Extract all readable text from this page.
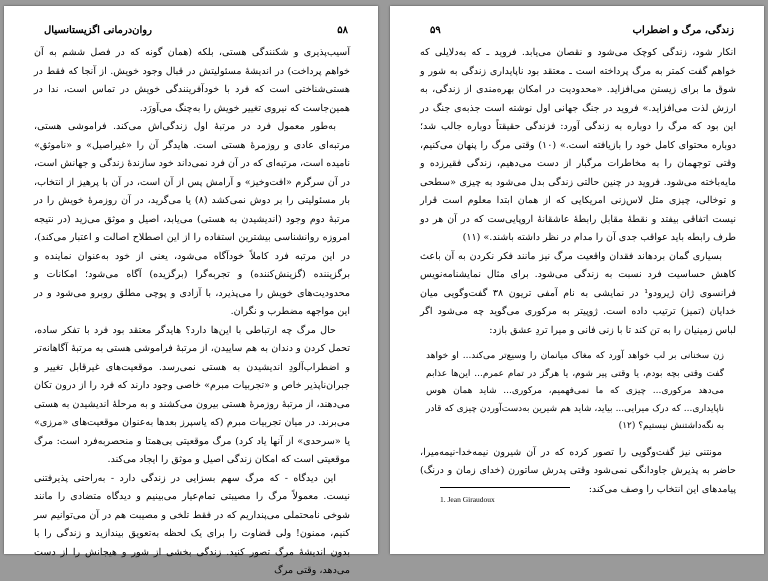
روان‌درمانی اگزیستانسیال	۵۸

آسیب‌پذیری و شکنندگی هستی، بلکه (همان گونه که در فصل ششم به آن خواهم پرداخت) در اندیشهٔ مسئولیتش در قبال وجود خویش. از آنجا که فقط در هستی‌شناختی است که فرد با خودآفرینندگی خویش در تماس است، ندا در همین‌جاست که نیروی تغییر خویش را به‌چنگ می‌آورَد.

به‌طور معمول فرد در مرتبهٔ اول زندگی‌اش می‌کند. فراموشی هستی، مرتبه‌ای عادی و روزمرهٔ هستی است. هایدگر آن را «غیراصیل» و «ناموثق» نامیده است، مرتبه‌ای که در آن فرد نمی‌داند خود سازندهٔ زندگی و جهانش است، در آن سرگرم «افت‌وخیز» و آرامش پس از آن است، در آن با پرهیز از انتخاب، بار مسئولیتی را بر دوش نمی‌کشد (۸) یا می‌گرید، در آن روزمرهٔ خویش را در مرتبهٔ دوم وجود (اندیشیدن به هستی) می‌یابد، اصیل و موثق می‌زید (در نتیجه امروزه روانشناسی بیشترین استفاده را از این اصطلاح اصالت و اعتبار می‌کند)، در این مرتبه فرد کاملاً خودآگاه می‌شود، یعنی از خود به‌عنوان نماینده و برگزیننده (گزینش‌کننده) و تجربه‌گرا (برگزیده) آگاه می‌شود؛ امکانات و محدودیت‌های خویش را می‌پذیرد، با آزادی و پوچی مطلق روبرو می‌شود و در این مواجهه مضطرب و نگران.

حال مرگ چه ارتباطی با این‌ها دارد؟ هایدگر معتقد بود فرد با تفکر ساده، تحمل کردن و دندان به هم ساییدن، از مرتبهٔ فراموشی هستی به مرتبهٔ آگاهانه‌تر و اضطراب‌آلودِ اندیشیدن به هستی نمی‌رسد. موقعیت‌های غیرقابل تغییر و جبران‌ناپذیر خاص و «تجربیات مبرم» خاصی وجود دارند که فرد را از درون تکان می‌دهند، از مرتبهٔ روزمرهٔ هستی بیرون می‌کشند و به مرحلهٔ اندیشیدن به هستی می‌برند. در میان تجربیات مبرم (که یاسپرز بعدها به‌عنوان موقعیت‌های «مرزی» یا «سرحدی» از آنها یاد کرد) مرگ موقعیتی بی‌همتا و منحصربه‌فرد است: مرگ موقعیتی است که امکان زندگی اصیل و موثق را ایجاد می‌کند.

این دیدگاه - که مرگ سهم بسزایی در زندگی دارد - به‌راحتی پذیرفتنی نیست. معمولاً مرگ را مصیبتی تمام‌عیار می‌بینیم و دیدگاه متضادی را مانند شوخی نامحتملی می‌پنداریم که در فقط تلخی و مصیبت هم در آن می‌توانیم سر کنیم، ممنون! ولی قضاوت را برای یک لحظه به‌تعویق بیندازید و زندگی را با بدون اندیشهٔ مرگ تصور کنید. زندگی بخشی از شور و هیجانش را از دست می‌دهد، وقتی مرگ

۵۹	زندگی، مرگ و اضطراب

انکار شود، زندگی کوچک می‌شود و نقصان می‌یابد. فروید ـ که به‌دلایلی که خواهم گفت کمتر به مرگ پرداخته است ـ معتقد بود ناپایداری زندگی به شور و شوق ما برای زیستن می‌افزاید. «محدودیت در امکان بهره‌مندی از زندگی، به ارزش لذت می‌افزاید.» فروید در جنگ جهانی اول نوشته است جذبه‌ی جنگ در این بود که مرگ را دوباره به زندگی آورد: فزندگی حقیقتاً دوباره جالب شد؛ دوباره محتوای کامل خود را بازیافته است.» (۱۰) وقتی مرگ را پنهان می‌کنیم، وقتی توجهمان را به مخاطرات مرگبار از دست می‌دهیم، زندگی فقیرزده و مایه‌باخته می‌شود. فروید در چنین حالتی زندگی بدل می‌شود به چیزی «سطحی و توخالی، چیزی مثل لاس‌زنی امریکایی که از همان ابتدا معلوم است قرار نیست اتفاقی بیفتد و نقطهٔ مقابل رابطهٔ عاشقانهٔ اروپایی‌ست که در آن هر دو طرف رابطه باید عواقب جدی آن را مدام در نظر داشته باشند.» (۱۱)

بسیاری گمان بردهاند فقدان واقعیت مرگ نیز مانند فکر نکردن به آن باعث کاهش حساسیت فرد نسبت به زندگی می‌شود. برای مثال نمایشنامه‌نویس فرانسوی ژان ژیرودو¹ در نمایشی به نام آمفی تریون ۳۸ گفت‌وگویی میان خدایان (تمیز) ترتیب داده است. ژوپیتر به مرکوری می‌گوید چه می‌شود اگر لباس زمینیان را به تن کند تا با زنی فانی و میرا تردِ عشق بازد:

زن سخنانی بر لب خواهد آورد که مغاک میانمان را وسیع‌تر می‌کند... او خواهد گفت وقتی بچه بودم، یا وقتی پیر شوم، یا هرگز در تمام عمرم... این‌ها عذابم می‌دهد مرکوری... چیزی که ما نمی‌فهمیم، مرکوری... شاید همان هوس ناپایداری... که درک میرایی... بیاید، شاید هم شیرین به‌دست‌آوردن چیزی که قادر به نگه‌داشتنش نیستیم؟ (۱۲)

مونتنی نیز گفت‌وگویی را تصور کرده که در آن شیرون نیمه‌خدا-نیمه‌میرا، حاضر به پذیرش جاودانگی نمی‌شود وقتی پدرش ساتورن (خدای زمان و درنگ) پیامدهای این انتخاب را وصف می‌کند:

1. Jean Giraudoux
